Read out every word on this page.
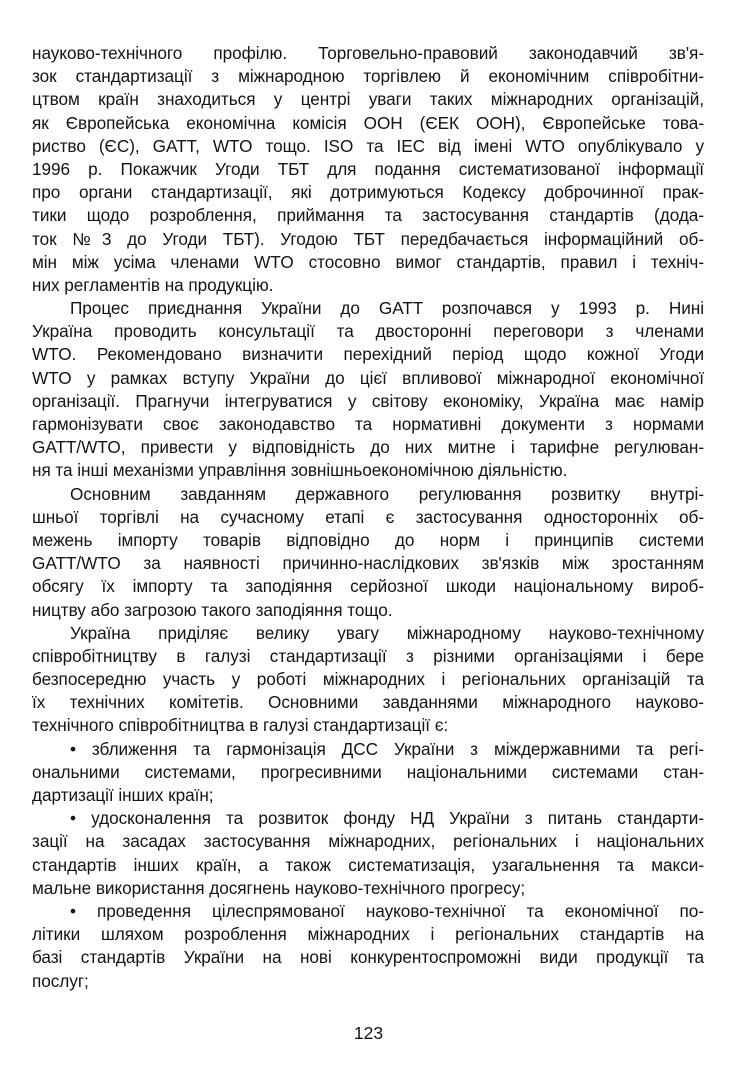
науково-технічного профілю. Торговельно-правовий законодавчий зв'я-
зок стандартизації з міжнародною торгівлею й економічним співробітни-
цтвом країн знаходиться у центрі уваги таких міжнародних організацій,
як Європейська економічна комісія ООН (ЄЕК ООН), Європейське това-
риство (ЄС), GATT, WTO тощо. ISO та IEC від імені WTO опублікувало у
1996 р. Покажчик Угоди ТБТ для подання систематизованої інформації
про органи стандартизації, які дотримуються Кодексу доброчинної прак-
тики щодо розроблення, приймання та застосування стандартів (додa-
ток №3 до Угоди ТБТ). Угодою ТБТ передбачається інформаційний об-
мін між усіма членами WTO стосовно вимог стандартів, правил і техніч-
них регламентів на продукцію.
Процес приєднання України до GATT розпочався у 1993 р. Нині
Україна проводить консультації та двосторонні переговори з членами
WTO. Рекомендовано визначити перехідний період щодо кожної Угоди
WTO у рамках вступу України до цієї впливової міжнародної економічної
організації. Прагнучи інтегруватися у світову економіку, Україна має намір
гармонізувати своє законодавство та нормативні документи з нормами
GATT/WTO, привести у відповідність до них митне і тарифне регулюван-
ня та інші механізми управління зовнішньоекономічною діяльністю.
Основним завданням державного регулювання розвитку внутрі-
шньої торгівлі на сучасному етапі є застосування односторонніх об-
межень імпорту товарів відповідно до норм і принципів системи
GATT/WTO за наявності причинно-наслідкових зв'язків між зростанням
обсягу їх імпорту та заподіяння серйозної шкоди національному вироб-
ництву або загрозою такого заподіяння тощо.
Україна приділяє велику увагу міжнародному науково-технічному
співробітництву в галузі стандартизації з різними організаціями і бере
безпосередню участь у роботі міжнародних і регіональних організацій та
їх технічних комітетів. Основними завданнями міжнародного науково-
технічного співробітництва в галузі стандартизації є:
• зближення та гармонізація ДСС України з міждержавними та регі-
ональними системами, прогресивними національними системами стан-
дартизації інших країн;
• удосконалення та розвиток фонду НД України з питань стандарти-
зації на засадах застосування міжнародних, регіональних і національних
стандартів інших країн, а також систематизація, узагальнення та макси-
мальне використання досягнень науково-технічного прогресу;
• проведення цілеспрямованої науково-технічної та економічної по-
літики шляхом розроблення міжнародних і регіональних стандартів на
базі стандартів України на нові конкурентоспроможні види продукції та
послуг;
123
